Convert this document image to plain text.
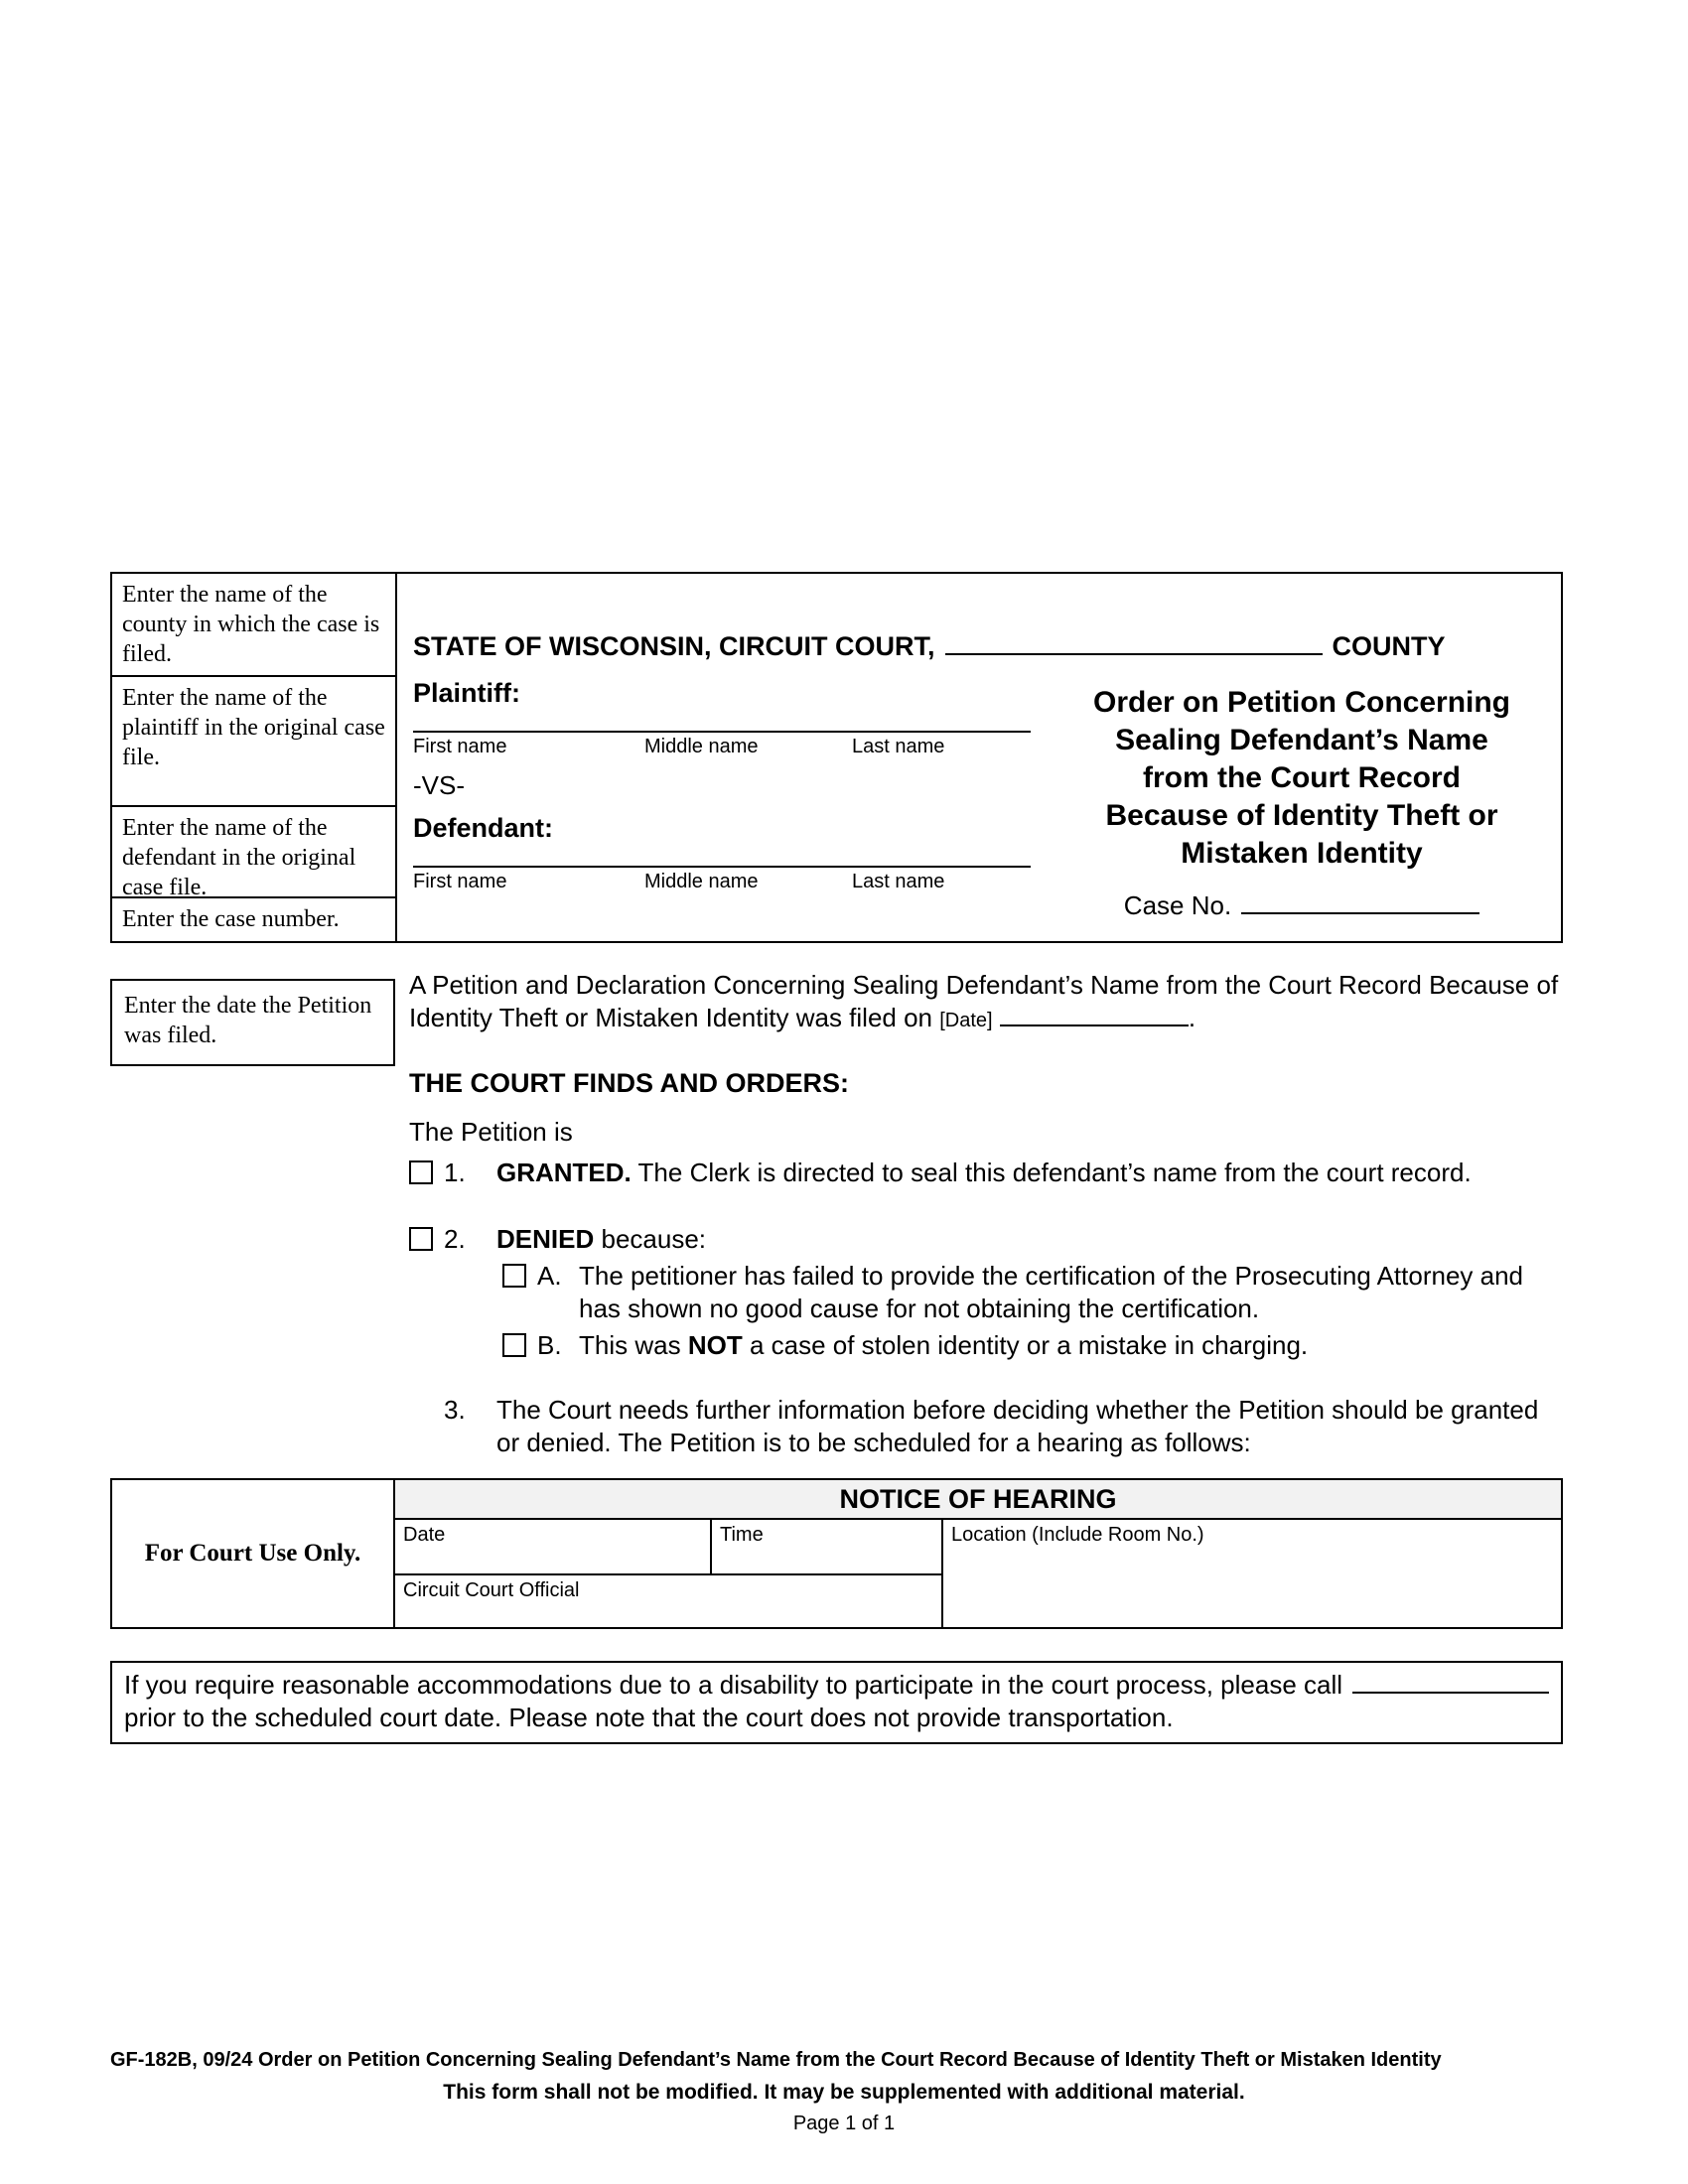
Enter the name of the county in which the case is filed.
Enter the name of the plaintiff in the original case file.
Enter the name of the defendant in the original case file.
Enter the case number.
STATE OF WISCONSIN, CIRCUIT COURT,	COUNTY
Plaintiff:
First name	Middle name	Last name
-VS-
Defendant:
First name	Middle name	Last name
Order on Petition Concerning
Sealing Defendant’s Name
from the Court Record
Because of Identity Theft or
Mistaken Identity
Case No.
Enter the date the Petition was filed.
A Petition and Declaration Concerning Sealing Defendant’s Name from the Court Record Because of Identity Theft or Mistaken Identity was filed on [Date]	.
THE COURT FINDS AND ORDERS:
The Petition is
1.	GRANTED. The Clerk is directed to seal this defendant’s name from the court record.
2.	DENIED because:
A. The petitioner has failed to provide the certification of the Prosecuting Attorney and has shown no good cause for not obtaining the certification.
B. This was NOT a case of stolen identity or a mistake in charging.
3.	The Court needs further information before deciding whether the Petition should be granted or denied. The Petition is to be scheduled for a hearing as follows:
For Court Use Only.
NOTICE OF HEARING
Date	Time	Location (Include Room No.)
Circuit Court Official
If you require reasonable accommodations due to a disability to participate in the court process, please call
prior to the scheduled court date. Please note that the court does not provide transportation.
GF-182B, 09/24 Order on Petition Concerning Sealing Defendant’s Name from the Court Record Because of Identity Theft or Mistaken Identity
This form shall not be modified. It may be supplemented with additional material.
Page 1 of 1
